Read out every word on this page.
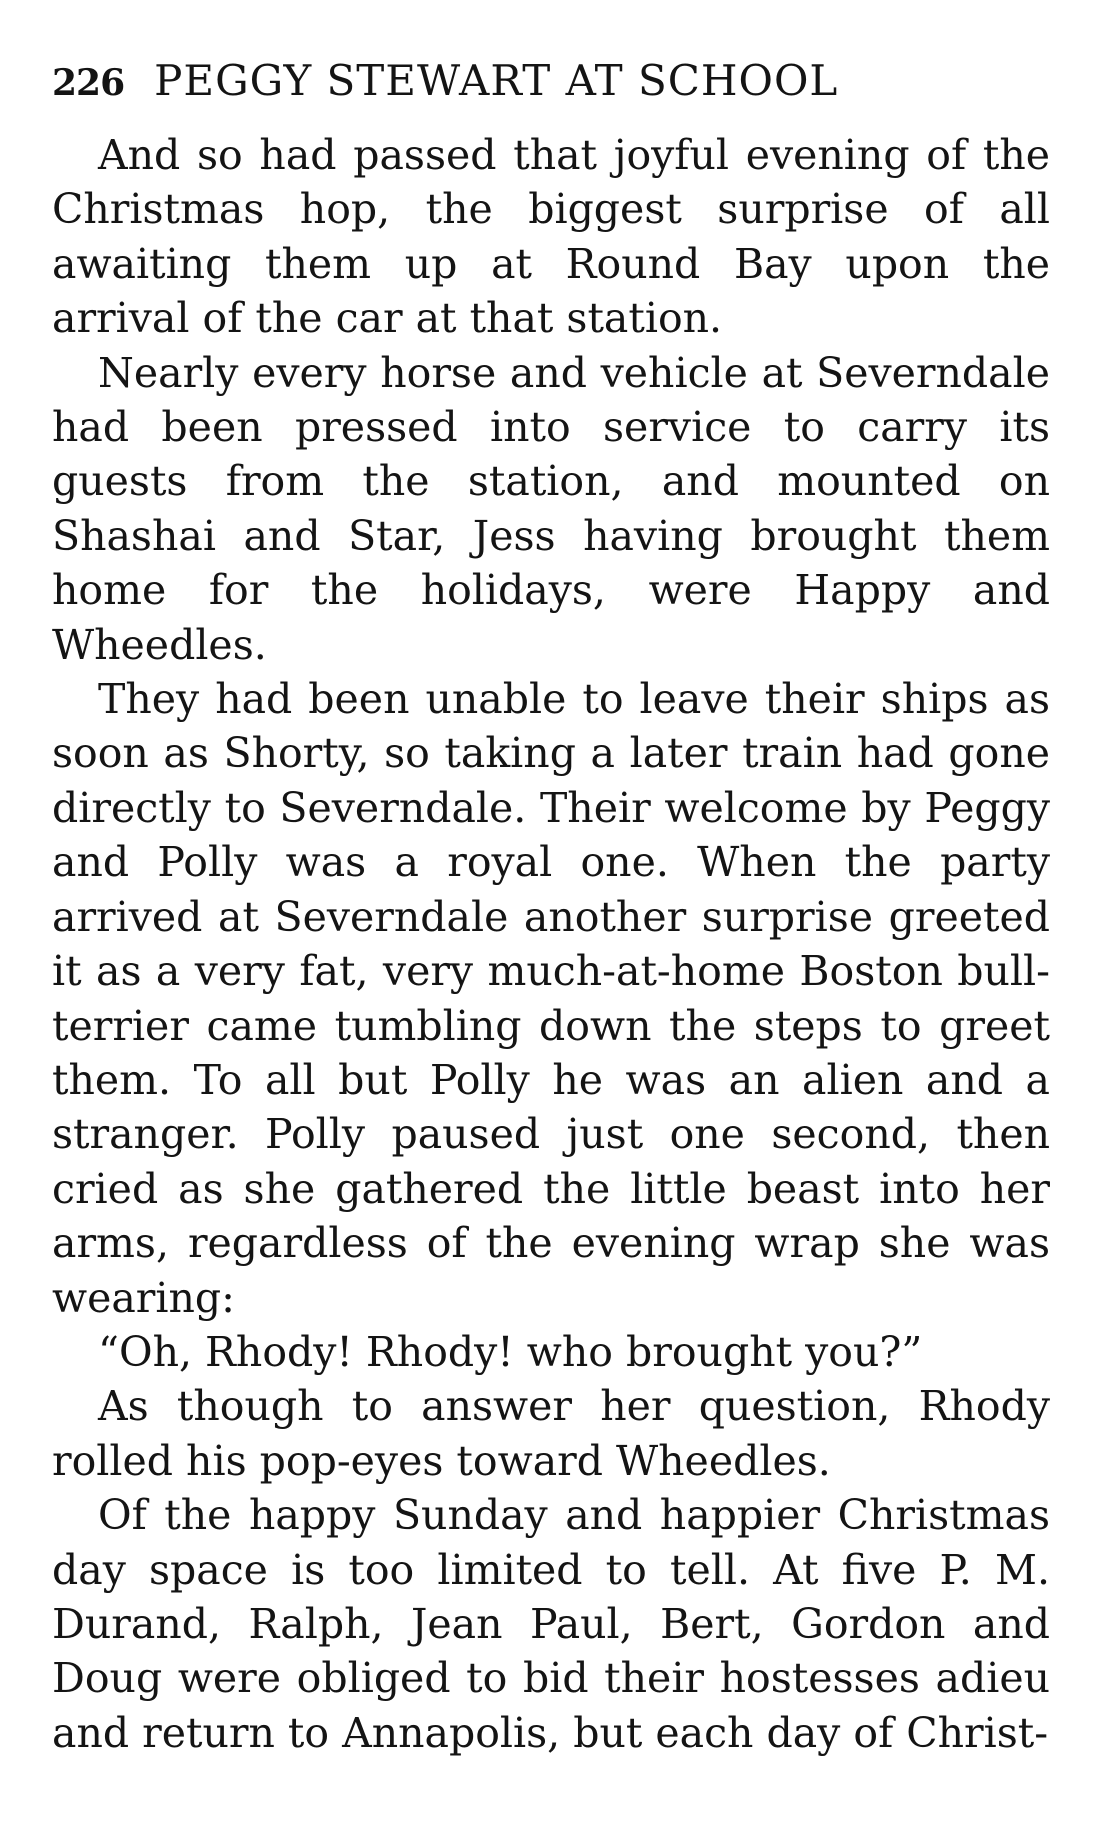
226 PEGGY STEWART AT SCHOOL

And so had passed that joyful evening of the Christmas hop, the biggest surprise of all awaiting them up at Round Bay upon the arrival of the car at that station.

Nearly every horse and vehicle at Severndale had been pressed into service to carry its guests from the station, and mounted on Shashai and Star, Jess having brought them home for the holidays, were Happy and Wheedles.

They had been unable to leave their ships as soon as Shorty, so taking a later train had gone directly to Severndale. Their welcome by Peggy and Polly was a royal one. When the party arrived at Severndale another surprise greeted it as a very fat, very much-at-home Boston bull-terrier came tumbling down the steps to greet them. To all but Polly he was an alien and a stranger. Polly paused just one second, then cried as she gathered the little beast into her arms, regardless of the evening wrap she was wearing:

“Oh, Rhody! Rhody! who brought you?”

As though to answer her question, Rhody rolled his pop-eyes toward Wheedles.

Of the happy Sunday and happier Christmas day space is too limited to tell. At five P. M. Durand, Ralph, Jean Paul, Bert, Gordon and Doug were obliged to bid their hostesses adieu and return to Annapolis, but each day of Christ-
